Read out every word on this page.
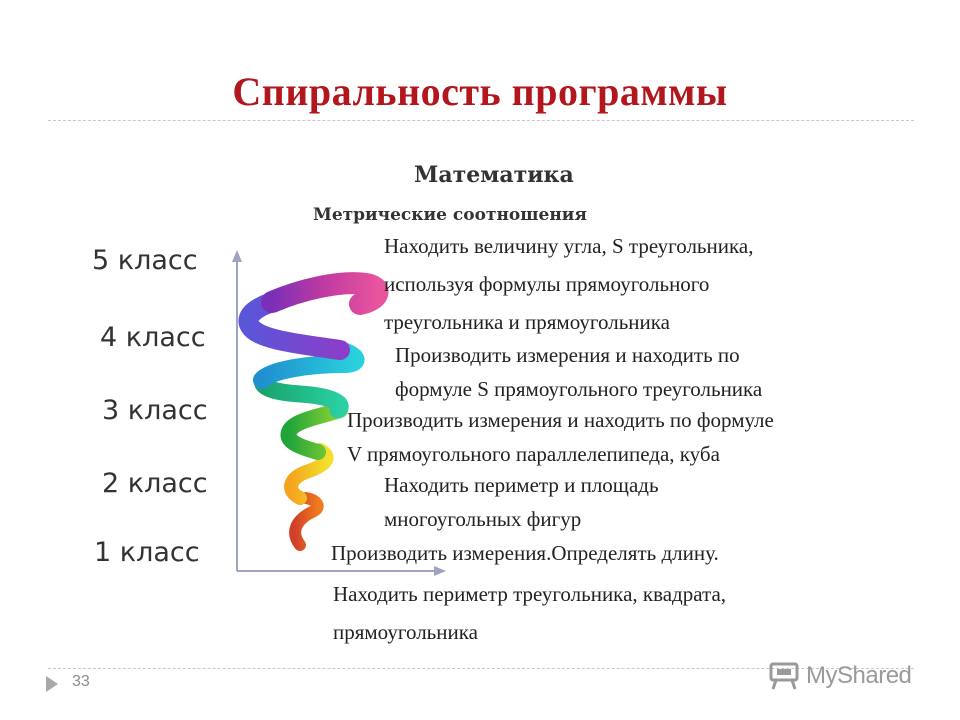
Спиральность программы
Математика
Метрические соотношения
5 класс
4 класс
3 класс
2 класс
1 класс
Находить величину угла, S треугольника,
используя формулы прямоугольного
треугольника и прямоугольника
Производить измерения и находить по
формуле S прямоугольного треугольника
Производить измерения и находить по формуле
V прямоугольного параллелепипеда, куба
Находить периметр и площадь
многоугольных фигур
Производить измерения.Определять длину.
Находить периметр треугольника, квадрата,
прямоугольника
33	MyShared
